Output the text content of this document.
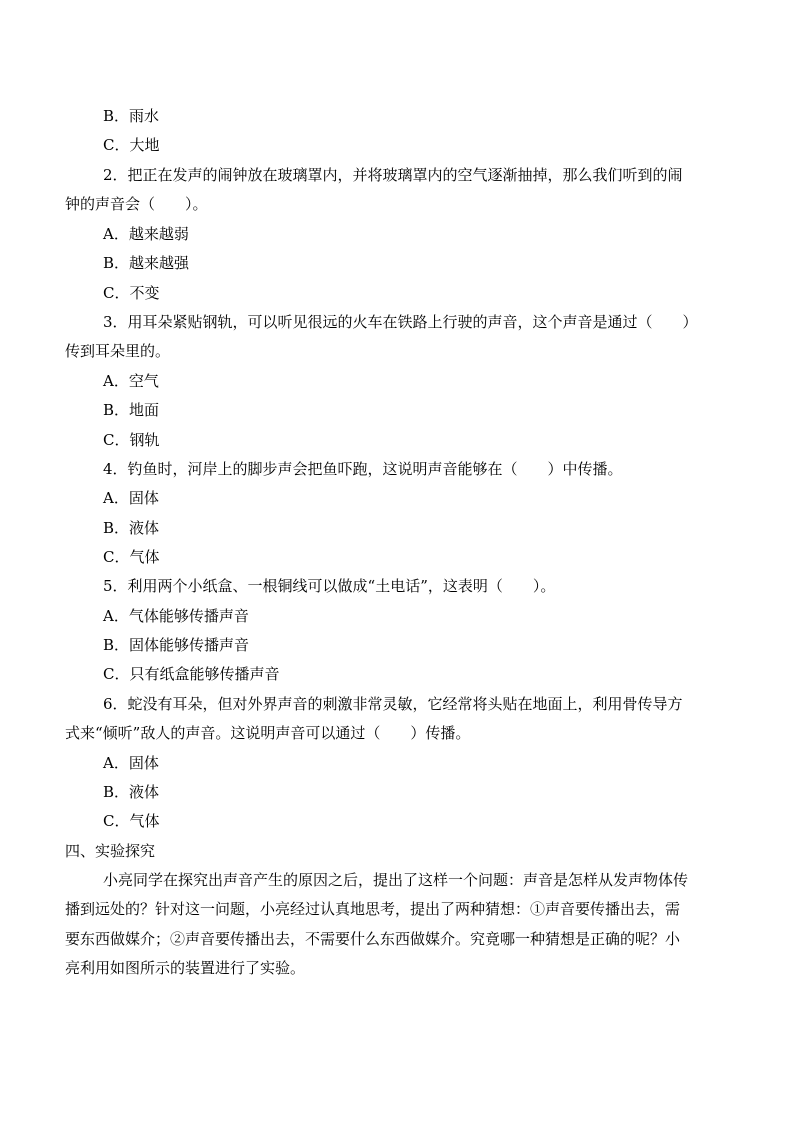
B．雨水
C．大地
2．把正在发声的闹钟放在玻璃罩内，并将玻璃罩内的空气逐渐抽掉，那么我们听到的闹
钟的声音会（　　）。
A．越来越弱
B．越来越强
C．不变
3．用耳朵紧贴钢轨，可以听见很远的火车在铁路上行驶的声音，这个声音是通过（　　）
传到耳朵里的。
A．空气
B．地面
C．钢轨
4．钓鱼时，河岸上的脚步声会把鱼吓跑，这说明声音能够在（　　）中传播。
A．固体
B．液体
C．气体
5．利用两个小纸盒、一根铜线可以做成“土电话”，这表明（　　）。
A．气体能够传播声音
B．固体能够传播声音
C．只有纸盒能够传播声音
6．蛇没有耳朵，但对外界声音的刺激非常灵敏，它经常将头贴在地面上，利用骨传导方
式来“倾听”敌人的声音。这说明声音可以通过（　　）传播。
A．固体
B．液体
C．气体
四、实验探究
小亮同学在探究出声音产生的原因之后，提出了这样一个问题：声音是怎样从发声物体传
播到远处的？针对这一问题，小亮经过认真地思考，提出了两种猜想：①声音要传播出去，需
要东西做媒介；②声音要传播出去，不需要什么东西做媒介。究竟哪一种猜想是正确的呢？小
亮利用如图所示的装置进行了实验。
